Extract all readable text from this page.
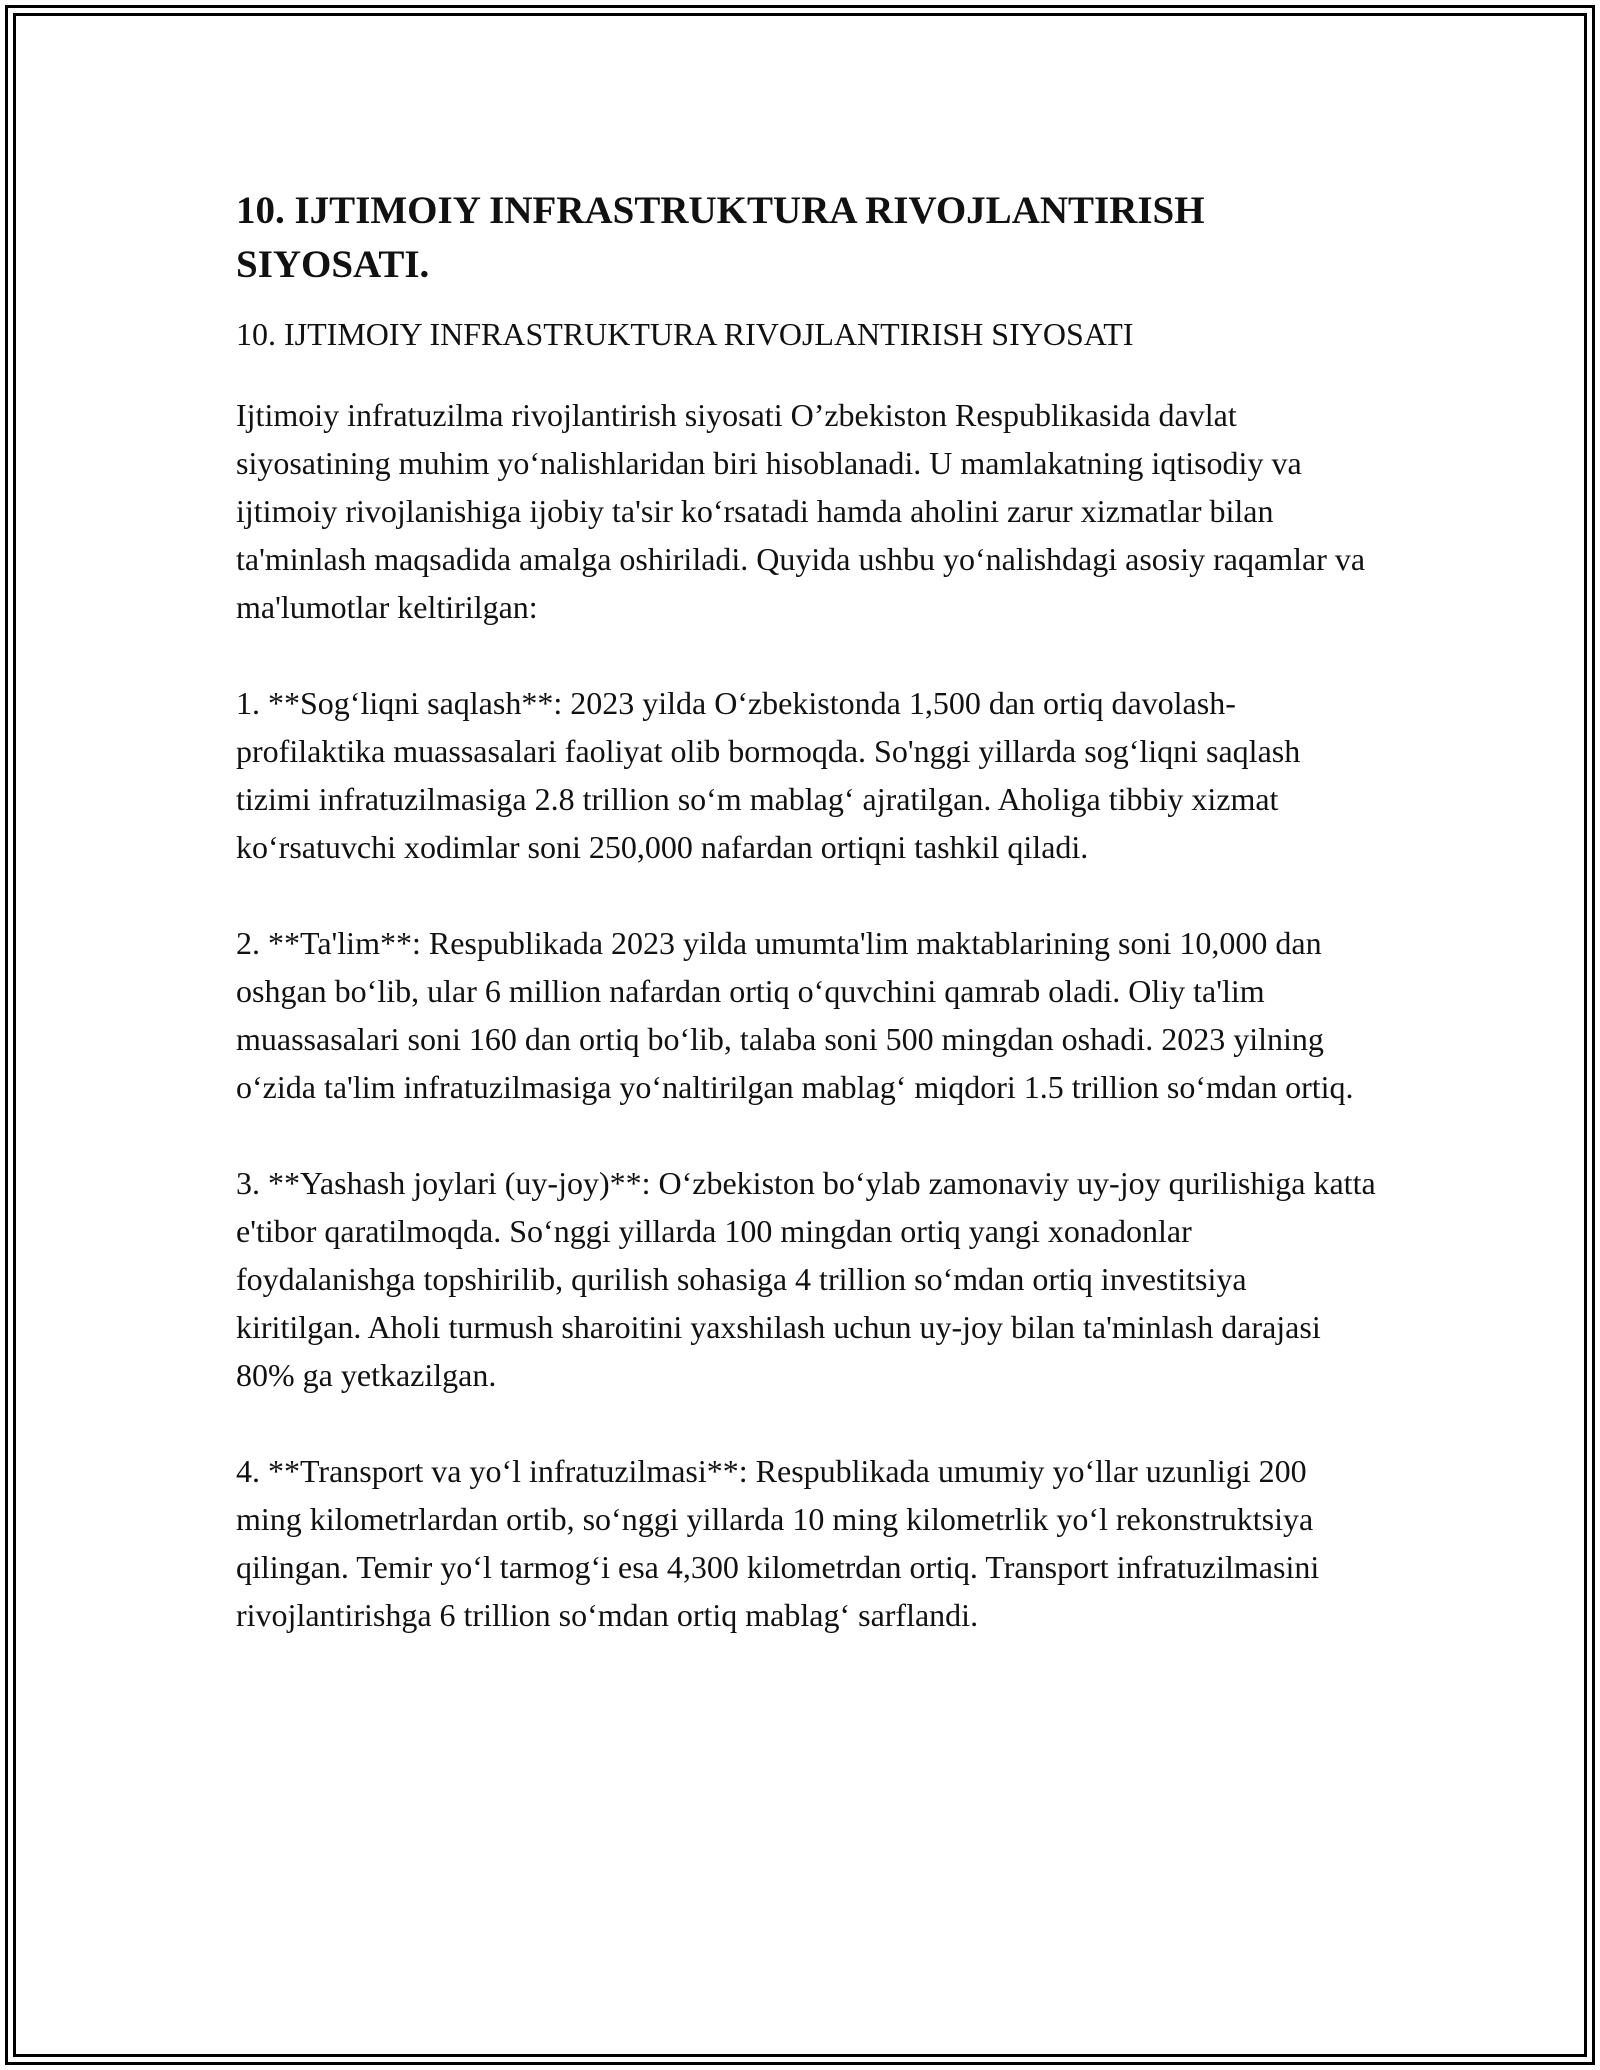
10. IJTIMOIY INFRASTRUKTURA RIVOJLANTIRISH SIYOSATI.

10. IJTIMOIY INFRASTRUKTURA RIVOJLANTIRISH SIYOSATI

Ijtimoiy infratuzilma rivojlantirish siyosati O’zbekiston Respublikasida davlat siyosatining muhim yo‘nalishlaridan biri hisoblanadi. U mamlakatning iqtisodiy va ijtimoiy rivojlanishiga ijobiy ta'sir ko‘rsatadi hamda aholini zarur xizmatlar bilan ta'minlash maqsadida amalga oshiriladi. Quyida ushbu yo‘nalishdagi asosiy raqamlar va ma'lumotlar keltirilgan:

1. **Sog‘liqni saqlash**: 2023 yilda O‘zbekistonda 1,500 dan ortiq davolash-profilaktika muassasalari faoliyat olib bormoqda. So'nggi yillarda sog‘liqni saqlash tizimi infratuzilmasiga 2.8 trillion so‘m mablag‘ ajratilgan. Aholiga tibbiy xizmat ko‘rsatuvchi xodimlar soni 250,000 nafardan ortiqni tashkil qiladi.
2. **Ta'lim**: Respublikada 2023 yilda umumta'lim maktablarining soni 10,000 dan oshgan bo‘lib, ular 6 million nafardan ortiq o‘quvchini qamrab oladi. Oliy ta'lim muassasalari soni 160 dan ortiq bo‘lib, talaba soni 500 mingdan oshadi. 2023 yilning o‘zida ta'lim infratuzilmasiga yo‘naltirilgan mablag‘ miqdori 1.5 trillion so‘mdan ortiq.
3. **Yashash joylari (uy-joy)**: O‘zbekiston bo‘ylab zamonaviy uy-joy qurilishiga katta e'tibor qaratilmoqda. So‘nggi yillarda 100 mingdan ortiq yangi xonadonlar foydalanishga topshirilib, qurilish sohasiga 4 trillion so‘mdan ortiq investitsiya kiritilgan. Aholi turmush sharoitini yaxshilash uchun uy-joy bilan ta'minlash darajasi 80% ga yetkazilgan.
4. **Transport va yo‘l infratuzilmasi**: Respublikada umumiy yo‘llar uzunligi 200 ming kilometrlardan ortib, so‘nggi yillarda 10 ming kilometrlik yo‘l rekonstruktsiya qilingan. Temir yo‘l tarmog‘i esa 4,300 kilometrdan ortiq. Transport infratuzilmasini rivojlantirishga 6 trillion so‘mdan ortiq mablag‘ sarflandi.
